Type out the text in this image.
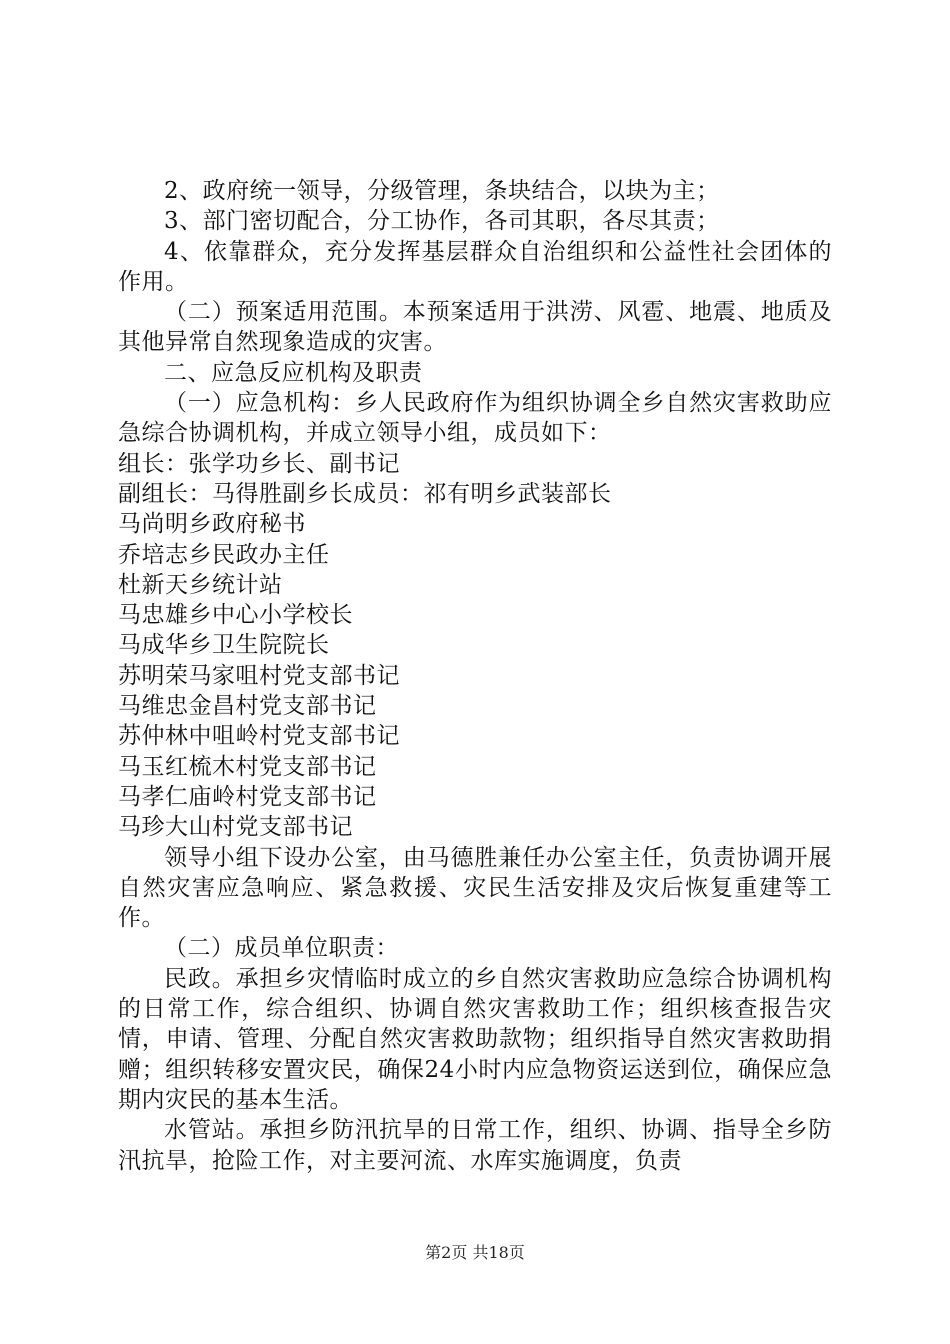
2、政府统一领导，分级管理，条块结合，以块为主；

3、部门密切配合，分工协作，各司其职，各尽其责；

4、依靠群众，充分发挥基层群众自治组织和公益性社会团体的作用。

（二）预案适用范围。本预案适用于洪涝、风雹、地震、地质及其他异常自然现象造成的灾害。

二、应急反应机构及职责

（一）应急机构：乡人民政府作为组织协调全乡自然灾害救助应急综合协调机构，并成立领导小组，成员如下：

组长：张学功乡长、副书记

副组长：马得胜副乡长成员：祁有明乡武装部长

马尚明乡政府秘书

乔培志乡民政办主任

杜新天乡统计站

马忠雄乡中心小学校长

马成华乡卫生院院长

苏明荣马家咀村党支部书记

马维忠金昌村党支部书记

苏仲林中咀岭村党支部书记

马玉红梳木村党支部书记

马孝仁庙岭村党支部书记

马珍大山村党支部书记

领导小组下设办公室，由马德胜兼任办公室主任，负责协调开展自然灾害应急响应、紧急救援、灾民生活安排及灾后恢复重建等工作。

（二）成员单位职责：

民政。承担乡灾情临时成立的乡自然灾害救助应急综合协调机构的日常工作，综合组织、协调自然灾害救助工作；组织核查报告灾情，申请、管理、分配自然灾害救助款物；组织指导自然灾害救助捐赠；组织转移安置灾民，确保24小时内应急物资运送到位，确保应急期内灾民的基本生活。

水管站。承担乡防汛抗旱的日常工作，组织、协调、指导全乡防汛抗旱，抢险工作，对主要河流、水库实施调度，负责

第2页 共18页
